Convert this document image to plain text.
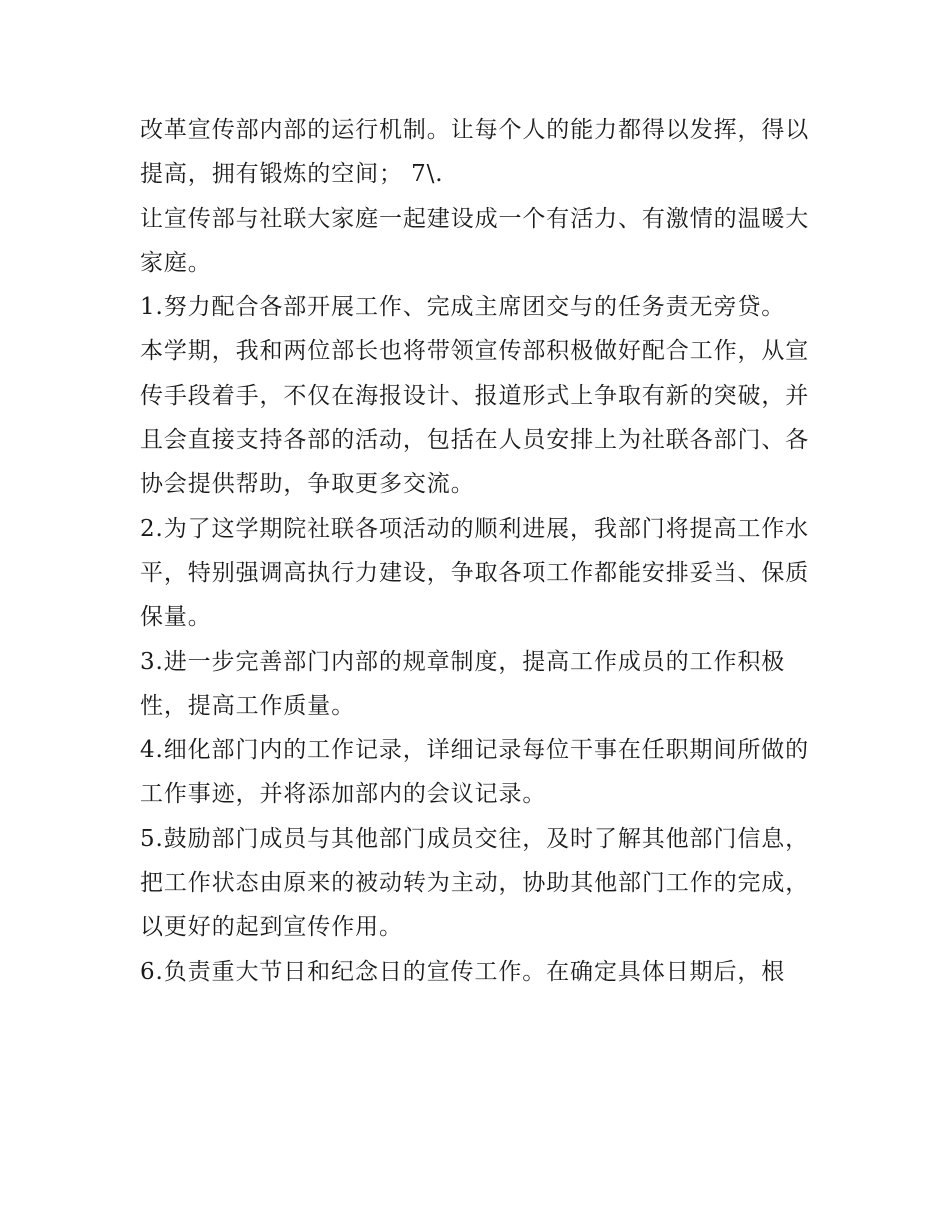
改革宣传部内部的运行机制。让每个人的能力都得以发挥，得以提高，拥有锻炼的空间； 7\.

让宣传部与社联大家庭一起建设成一个有活力、有激情的温暖大家庭。

1.努力配合各部开展工作、完成主席团交与的任务责无旁贷。

本学期，我和两位部长也将带领宣传部积极做好配合工作，从宣传手段着手，不仅在海报设计、报道形式上争取有新的突破，并且会直接支持各部的活动，包括在人员安排上为社联各部门、各协会提供帮助，争取更多交流。

2.为了这学期院社联各项活动的顺利进展，我部门将提高工作水平，特别强调高执行力建设，争取各项工作都能安排妥当、保质保量。

3.进一步完善部门内部的规章制度，提高工作成员的工作积极性，提高工作质量。

4.细化部门内的工作记录，详细记录每位干事在任职期间所做的工作事迹，并将添加部内的会议记录。

5.鼓励部门成员与其他部门成员交往，及时了解其他部门信息，把工作状态由原来的被动转为主动，协助其他部门工作的完成，以更好的起到宣传作用。

6.负责重大节日和纪念日的宣传工作。在确定具体日期后，根
